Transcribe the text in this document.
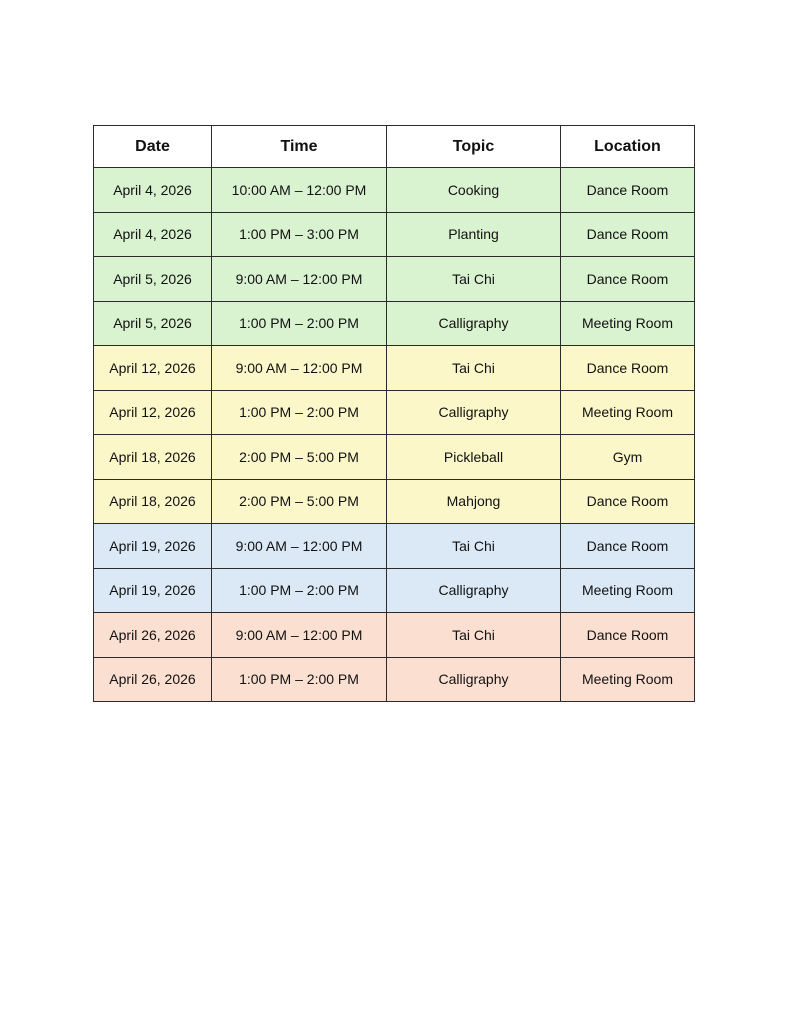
Date	Time	Topic	Location
April 4, 2026	10:00 AM – 12:00 PM	Cooking	Dance Room
April 4, 2026	1:00 PM – 3:00 PM	Planting	Dance Room
April 5, 2026	9:00 AM – 12:00 PM	Tai Chi	Dance Room
April 5, 2026	1:00 PM – 2:00 PM	Calligraphy	Meeting Room
April 12, 2026	9:00 AM – 12:00 PM	Tai Chi	Dance Room
April 12, 2026	1:00 PM – 2:00 PM	Calligraphy	Meeting Room
April 18, 2026	2:00 PM – 5:00 PM	Pickleball	Gym
April 18, 2026	2:00 PM – 5:00 PM	Mahjong	Dance Room
April 19, 2026	9:00 AM – 12:00 PM	Tai Chi	Dance Room
April 19, 2026	1:00 PM – 2:00 PM	Calligraphy	Meeting Room
April 26, 2026	9:00 AM – 12:00 PM	Tai Chi	Dance Room
April 26, 2026	1:00 PM – 2:00 PM	Calligraphy	Meeting Room
